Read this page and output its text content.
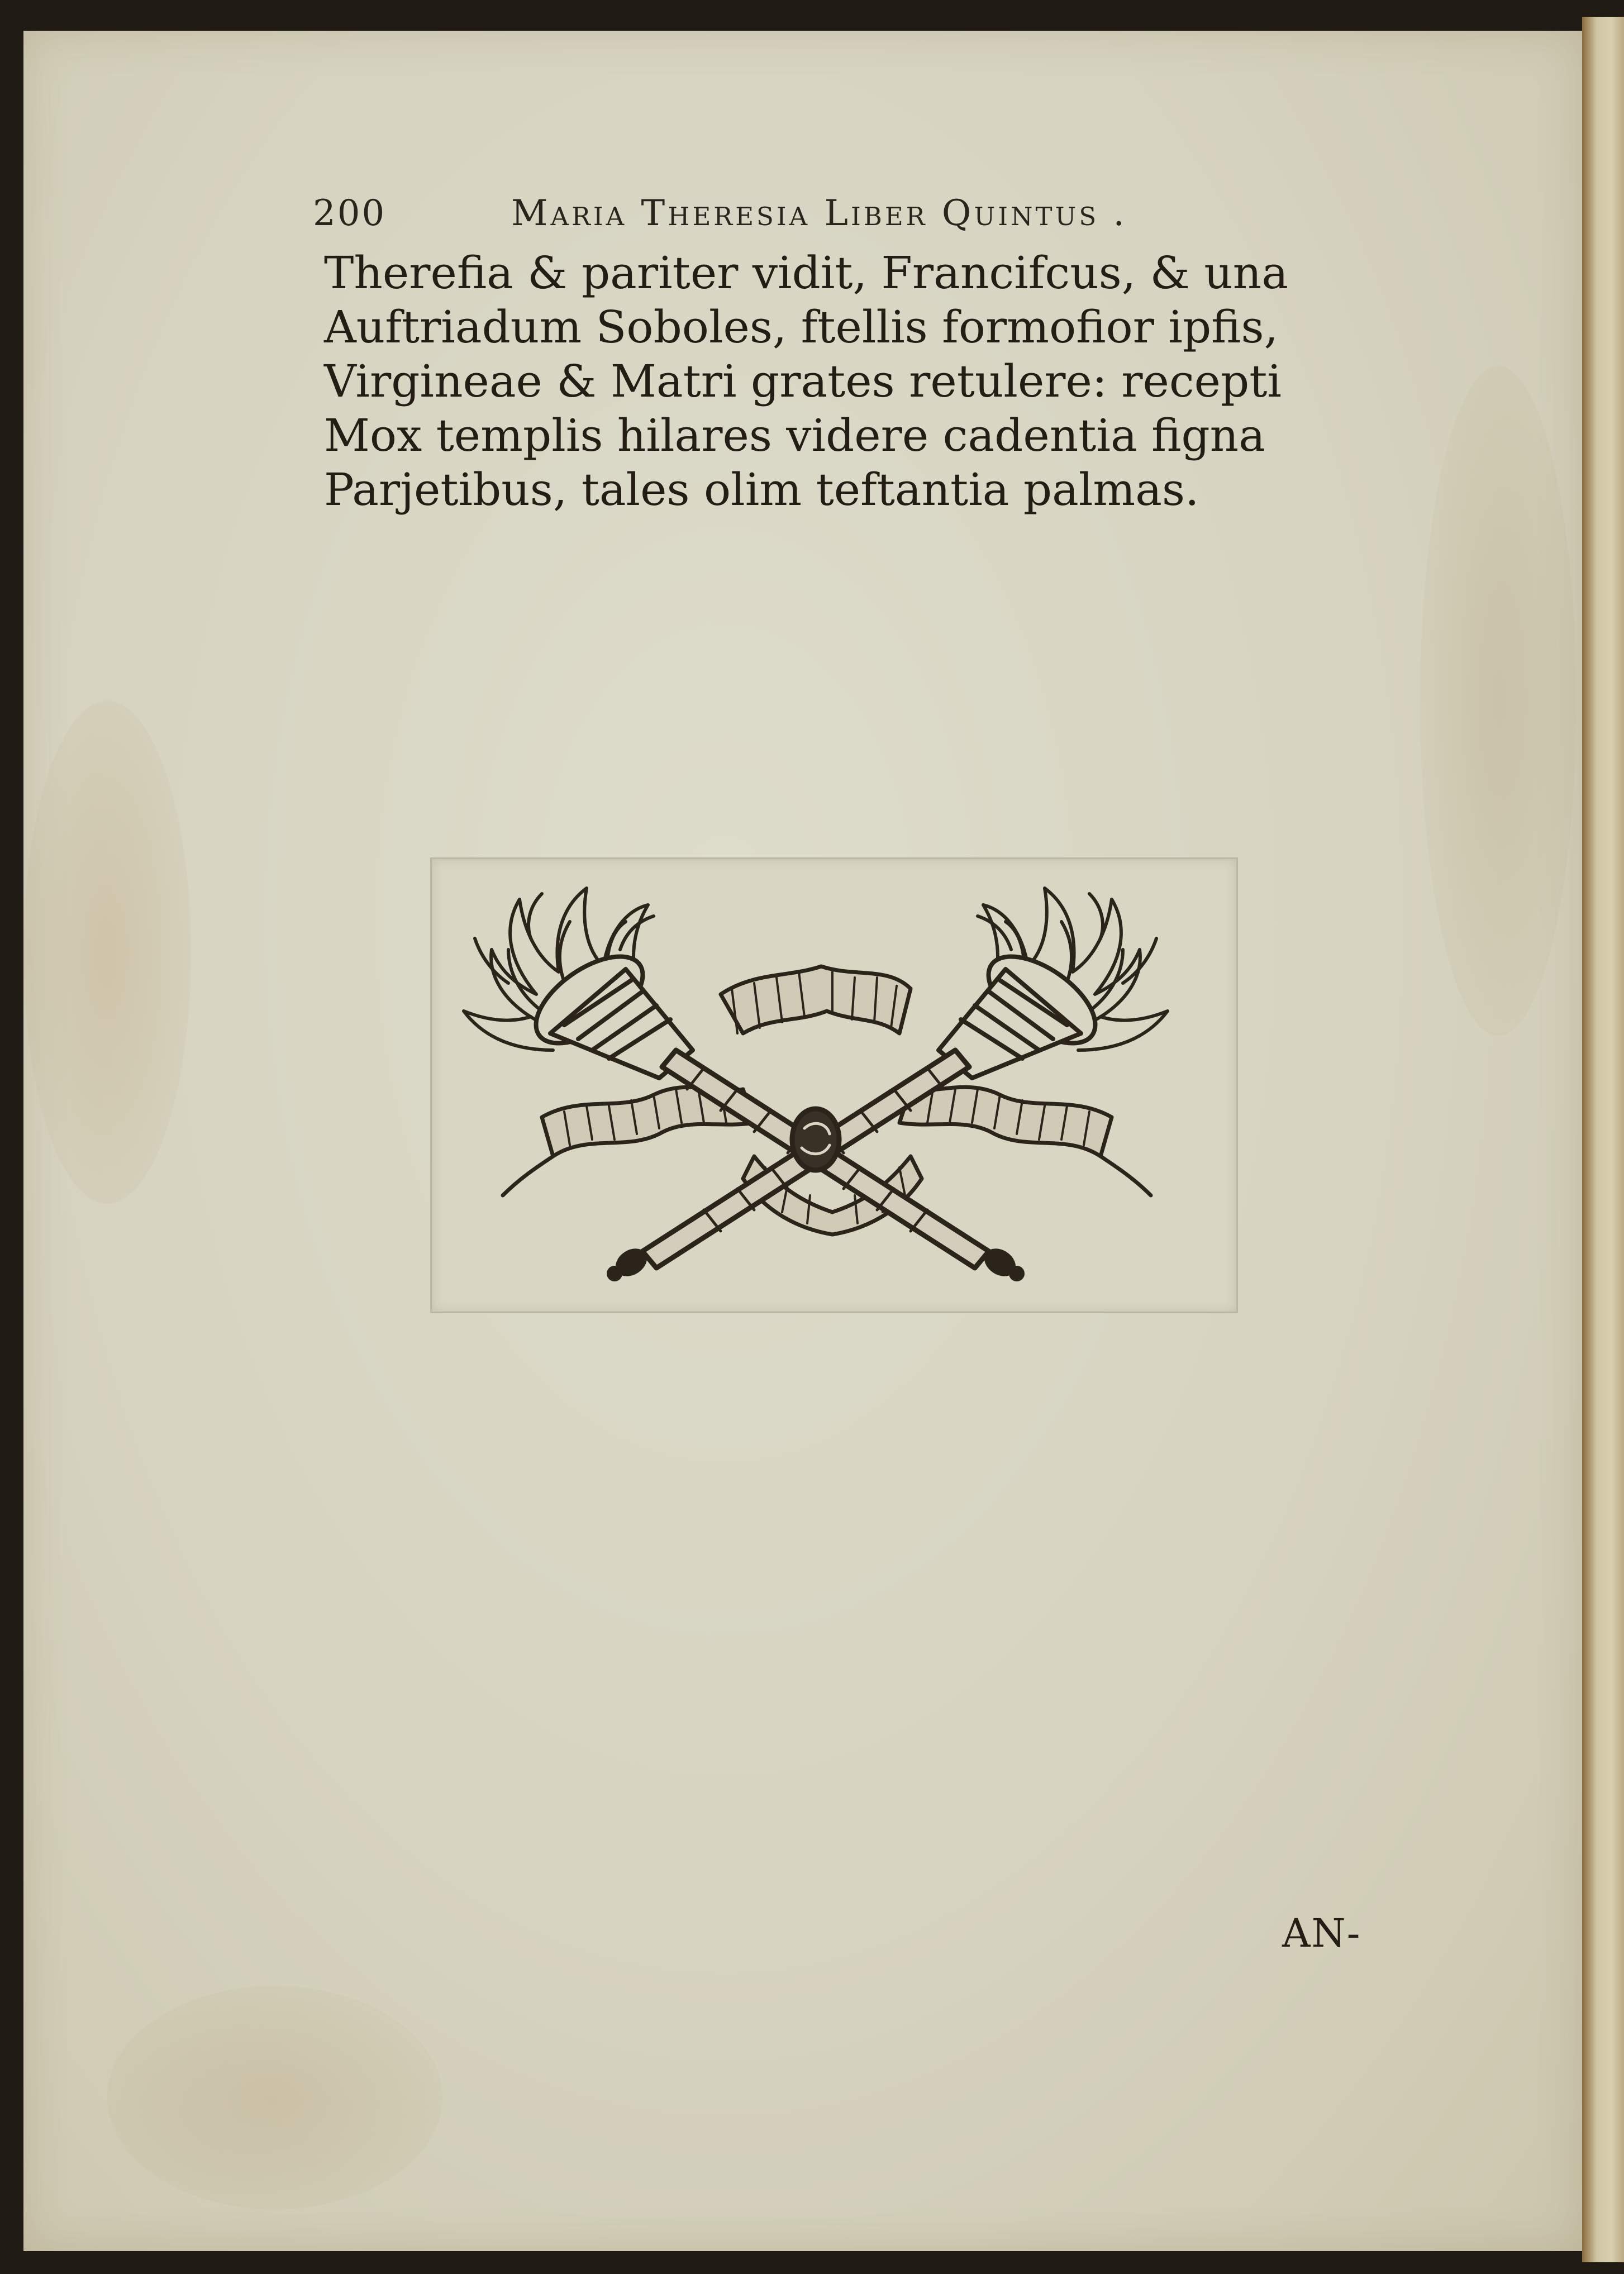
200	Maria Theresia Liber Quintus .
Therefia & pariter vidit, Francifcus, & una
Auftriadum Soboles, ftellis formofior ipfis,
Virgineae & Matri grates retulere: recepti
Mox templis hilares videre cadentia figna
Parjetibus, tales olim teftantia palmas.
AN-
